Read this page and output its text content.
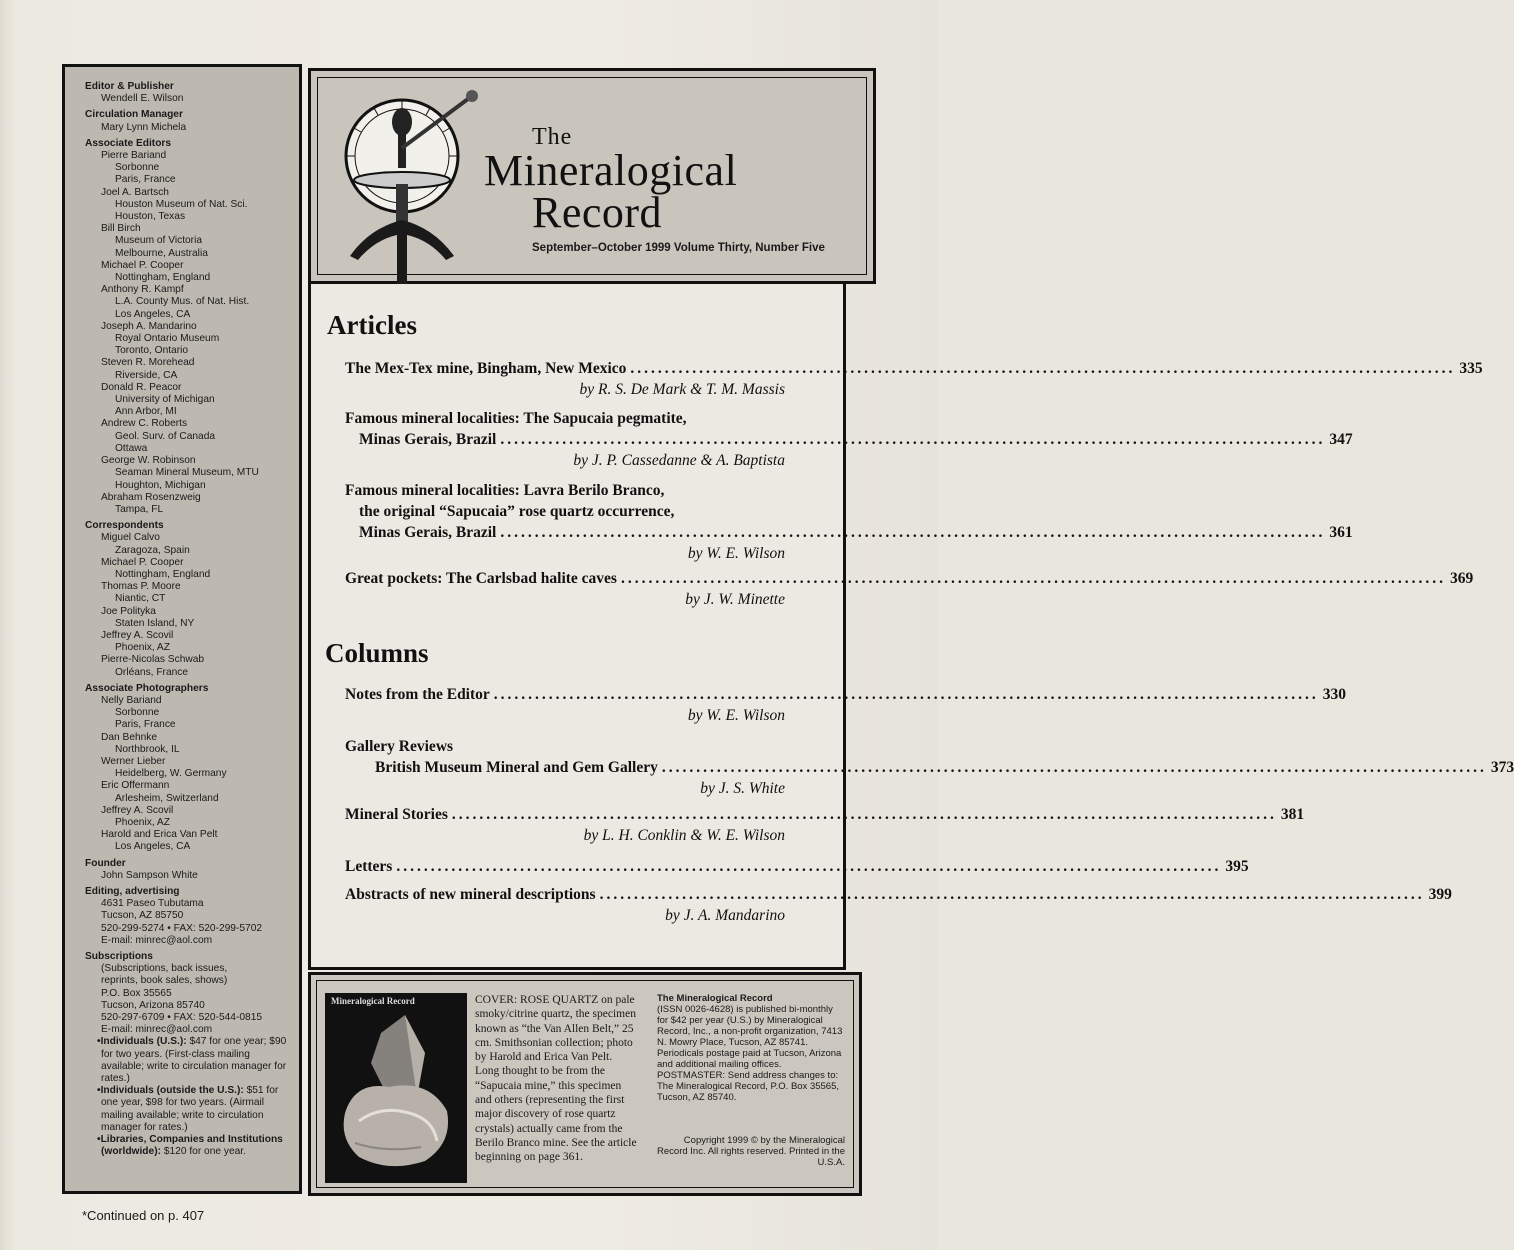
Editor & Publisher
Wendell E. Wilson
Circulation Manager
Mary Lynn Michela
Associate Editors
Pierre Bariand
Sorbonne
Paris, France
Joel A. Bartsch
Houston Museum of Nat. Sci.
Houston, Texas
Bill Birch
Museum of Victoria
Melbourne, Australia
Michael P. Cooper
Nottingham, England
Anthony R. Kampf
L.A. County Mus. of Nat. Hist.
Los Angeles, CA
Joseph A. Mandarino
Royal Ontario Museum
Toronto, Ontario
Steven R. Morehead
Riverside, CA
Donald R. Peacor
University of Michigan
Ann Arbor, MI
Andrew C. Roberts
Geol. Surv. of Canada
Ottawa
George W. Robinson
Seaman Mineral Museum, MTU
Houghton, Michigan
Abraham Rosenzweig
Tampa, FL
Correspondents
Miguel Calvo
Zaragoza, Spain
Michael P. Cooper
Nottingham, England
Thomas P. Moore
Niantic, CT
Joe Polityka
Staten Island, NY
Jeffrey A. Scovil
Phoenix, AZ
Pierre-Nicolas Schwab
Orléans, France
Associate Photographers
Nelly Bariand
Sorbonne
Paris, France
Dan Behnke
Northbrook, IL
Werner Lieber
Heidelberg, W. Germany
Eric Offermann
Arlesheim, Switzerland
Jeffrey A. Scovil
Phoenix, AZ
Harold and Erica Van Pelt
Los Angeles, CA
Founder
John Sampson White
Editing, advertising
4631 Paseo Tubutama
Tucson, AZ 85750
520-299-5274 • FAX: 520-299-5702
E-mail: minrec@aol.com
Subscriptions
(Subscriptions, back issues,
reprints, book sales, shows)
P.O. Box 35565
Tucson, Arizona 85740
520-297-6709 • FAX: 520-544-0815
E-mail: minrec@aol.com
•Individuals (U.S.): $47 for one year; $90 for two years. (First-class mailing available; write to circulation manager for rates.)
•Individuals (outside the U.S.): $51 for one year, $98 for two years. (Airmail mailing available; write to circulation manager for rates.)
•Libraries, Companies and Institutions (worldwide): $120 for one year.
The
Mineralogical
Record
September–October 1999 Volume Thirty, Number Five
Articles
Columns
The Mex-Tex mine, Bingham, New Mexico ........................................................................................................................ 335
by R. S. De Mark & T. M. Massis
Famous mineral localities: The Sapucaia pegmatite,
Minas Gerais, Brazil ........................................................................................................................ 347
by J. P. Cassedanne & A. Baptista
Famous mineral localities: Lavra Berilo Branco,
the original “Sapucaia” rose quartz occurrence,
Minas Gerais, Brazil ........................................................................................................................ 361
by W. E. Wilson
Great pockets: The Carlsbad halite caves ........................................................................................................................ 369
by J. W. Minette
Notes from the Editor ........................................................................................................................ 330
by W. E. Wilson
Gallery Reviews
British Museum Mineral and Gem Gallery ........................................................................................................................ 373
by J. S. White
Mineral Stories ........................................................................................................................ 381
by L. H. Conklin & W. E. Wilson
Letters ........................................................................................................................ 395
Abstracts of new mineral descriptions ........................................................................................................................ 399
by J. A. Mandarino
Mineralogical Record	COVER: ROSE QUARTZ on pale smoky/citrine quartz, the specimen known as “the Van Allen Belt,” 25 cm. Smithsonian collection; photo by Harold and Erica Van Pelt. Long thought to be from the “Sapucaia mine,” this specimen and others (representing the first major discovery of rose quartz crystals) actually came from the Berilo Branco mine. See the article beginning on page 361.
The Mineralogical Record
(ISSN 0026-4628) is published bi-monthly for $42 per year (U.S.) by Mineralogical Record, Inc., a non-profit organization, 7413 N. Mowry Place, Tucson, AZ 85741. Periodicals postage paid at Tucson, Arizona and additional mailing offices. POSTMASTER: Send address changes to: The Mineralogical Record, P.O. Box 35565, Tucson, AZ 85740.
Copyright 1999 © by the Mineralogical Record Inc. All rights reserved. Printed in the U.S.A.
*Continued on p. 407
